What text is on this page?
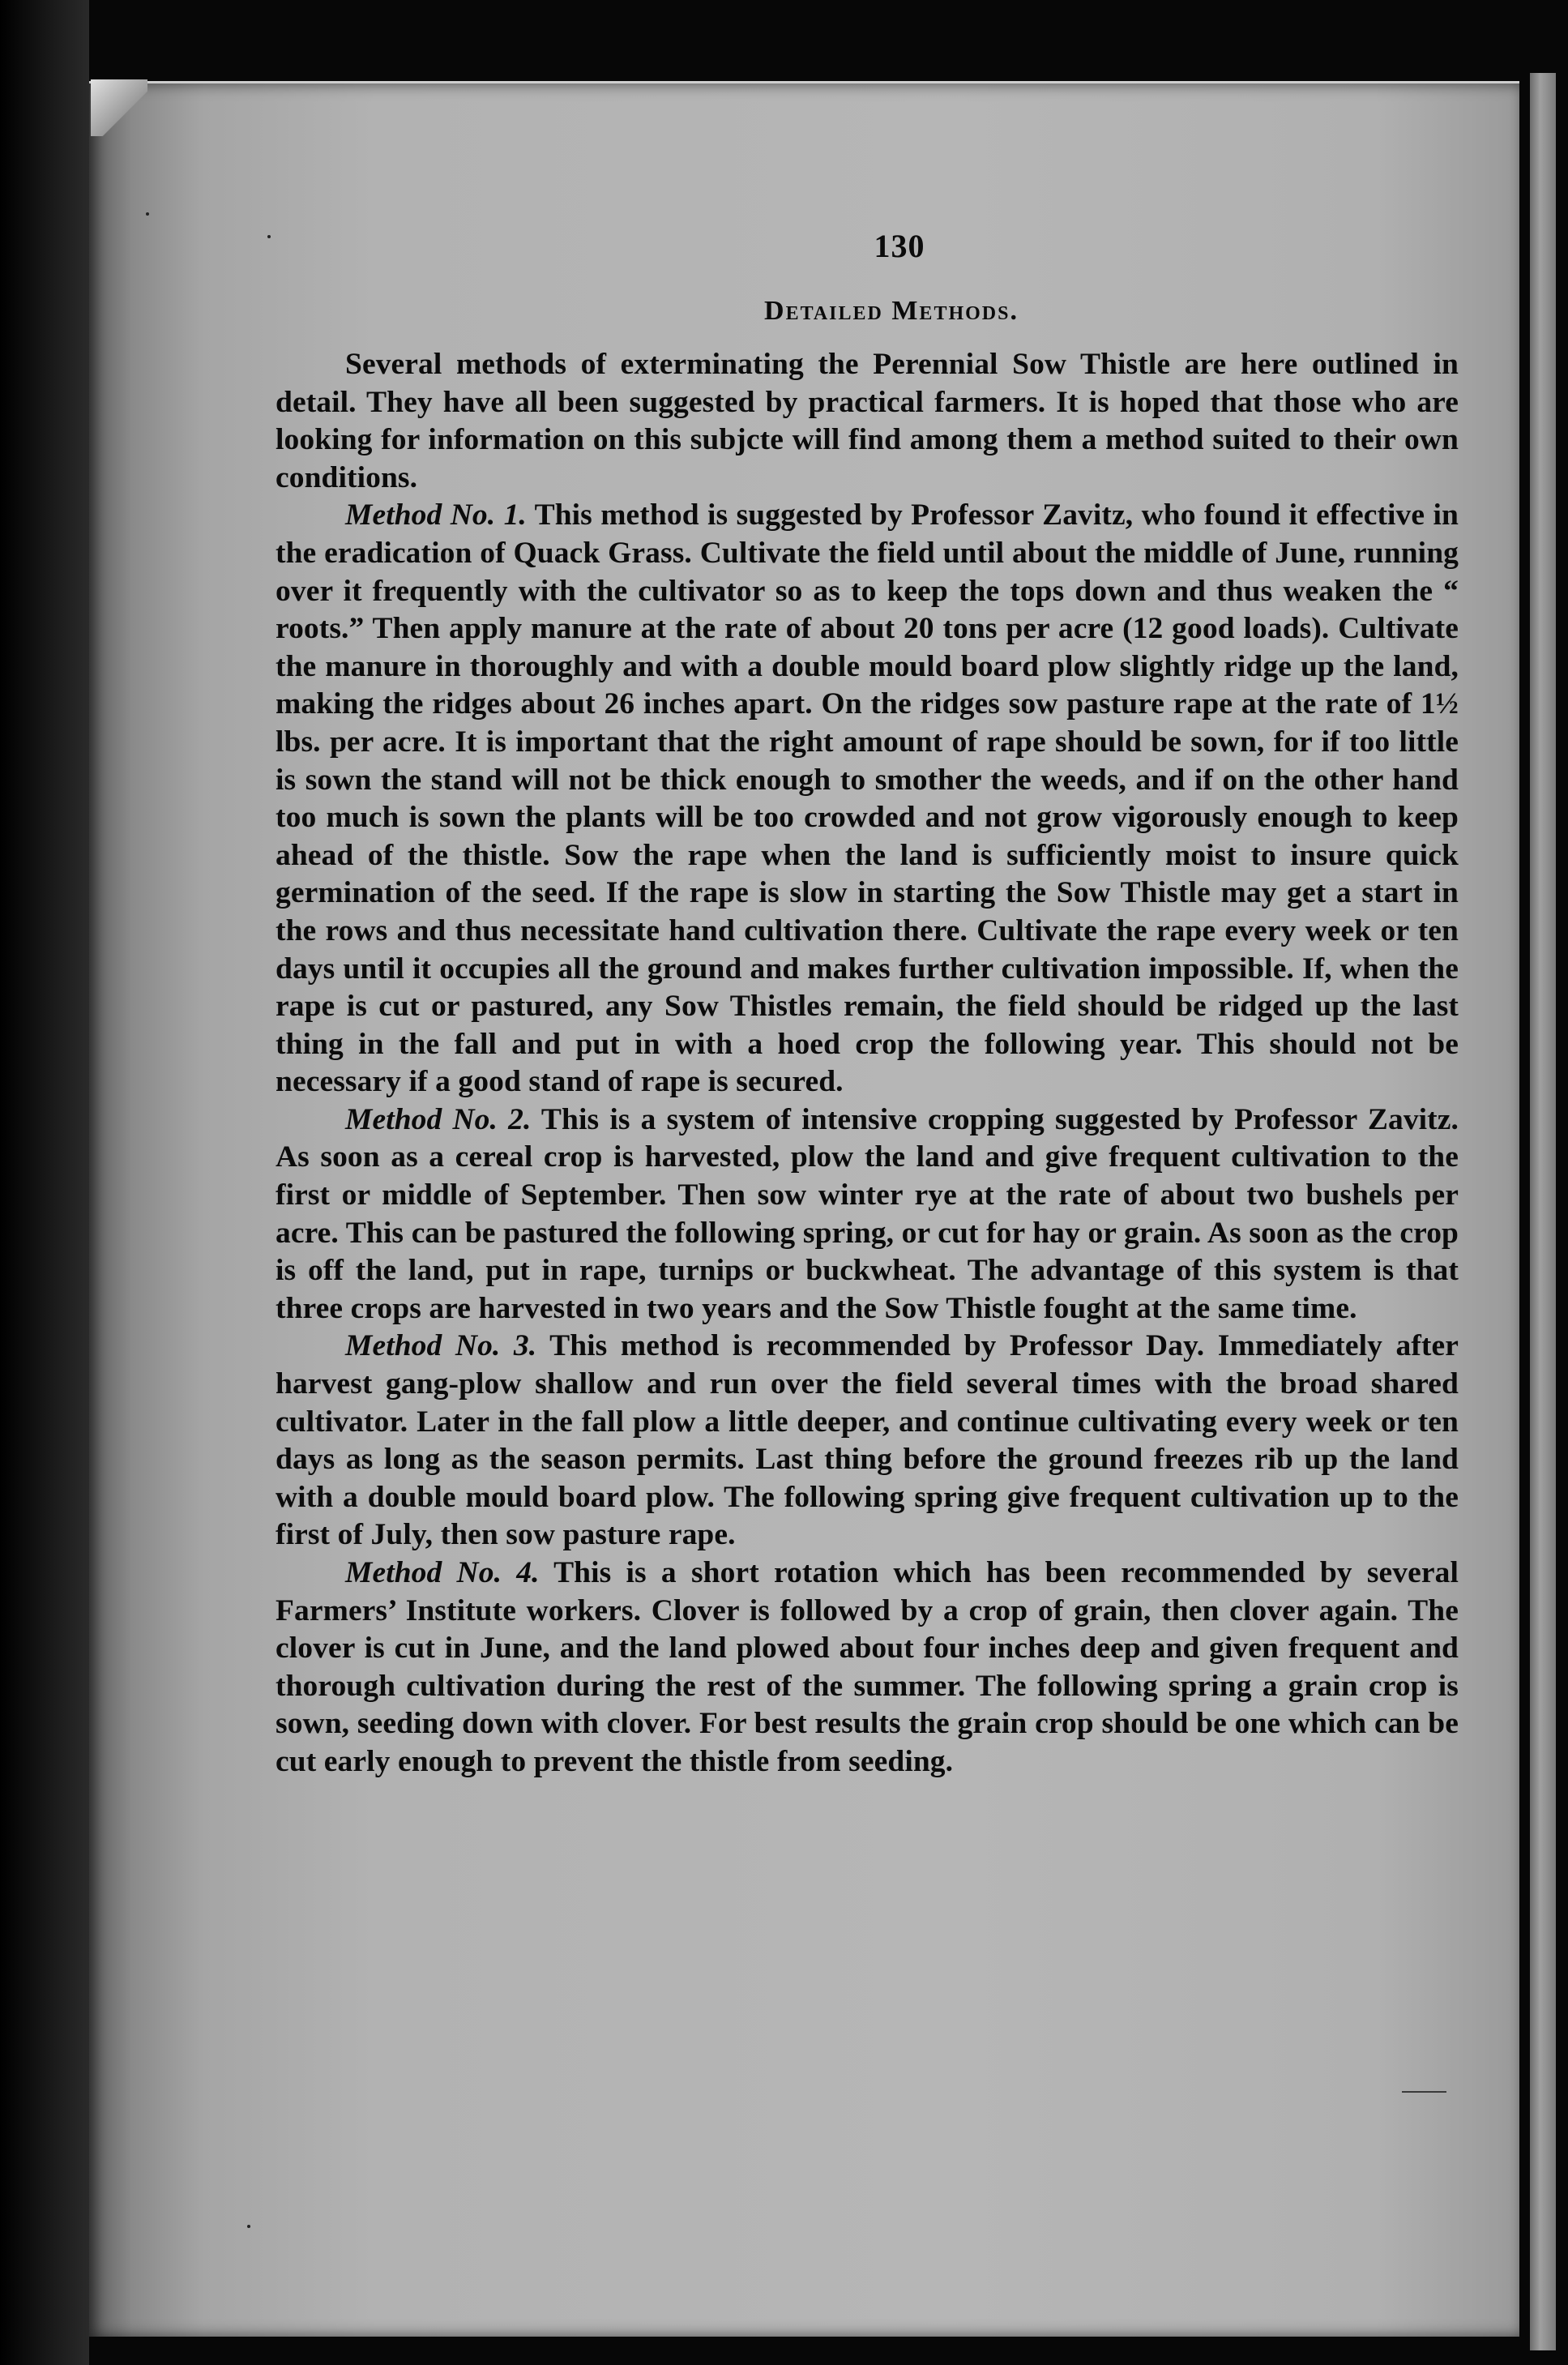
130
Detailed Methods.

Several methods of exterminating the Perennial Sow Thistle are here outlined in detail. They have all been suggested by practical farmers. It is hoped that those who are looking for information on this subjcte will find among them a method suited to their own conditions.

Method No. 1. This method is suggested by Professor Zavitz, who found it effective in the eradication of Quack Grass. Cultivate the field until about the middle of June, running over it frequently with the cultivator so as to keep the tops down and thus weaken the “ roots.” Then apply manure at the rate of about 20 tons per acre (12 good loads). Cultivate the manure in thoroughly and with a double mould board plow slightly ridge up the land, making the ridges about 26 inches apart. On the ridges sow pasture rape at the rate of 1½ lbs. per acre. It is important that the right amount of rape should be sown, for if too little is sown the stand will not be thick enough to smother the weeds, and if on the other hand too much is sown the plants will be too crowded and not grow vigorously enough to keep ahead of the thistle. Sow the rape when the land is sufficiently moist to insure quick germination of the seed. If the rape is slow in starting the Sow Thistle may get a start in the rows and thus necessitate hand cultivation there. Cultivate the rape every week or ten days until it occupies all the ground and makes further cultivation impossible. If, when the rape is cut or pastured, any Sow Thistles remain, the field should be ridged up the last thing in the fall and put in with a hoed crop the following year. This should not be necessary if a good stand of rape is secured.

Method No. 2. This is a system of intensive cropping suggested by Professor Zavitz. As soon as a cereal crop is harvested, plow the land and give frequent cultivation to the first or middle of September. Then sow winter rye at the rate of about two bushels per acre. This can be pastured the following spring, or cut for hay or grain. As soon as the crop is off the land, put in rape, turnips or buckwheat. The advantage of this system is that three crops are harvested in two years and the Sow Thistle fought at the same time.

Method No. 3. This method is recommended by Professor Day. Immediately after harvest gang-plow shallow and run over the field several times with the broad shared cultivator. Later in the fall plow a little deeper, and continue cultivating every week or ten days as long as the season permits. Last thing before the ground freezes rib up the land with a double mould board plow. The following spring give frequent cultivation up to the first of July, then sow pasture rape.

Method No. 4. This is a short rotation which has been recommended by several Farmers’ Institute workers. Clover is followed by a crop of grain, then clover again. The clover is cut in June, and the land plowed about four inches deep and given frequent and thorough cultivation during the rest of the summer. The following spring a grain crop is sown, seeding down with clover. For best results the grain crop should be one which can be cut early enough to prevent the thistle from seeding.
